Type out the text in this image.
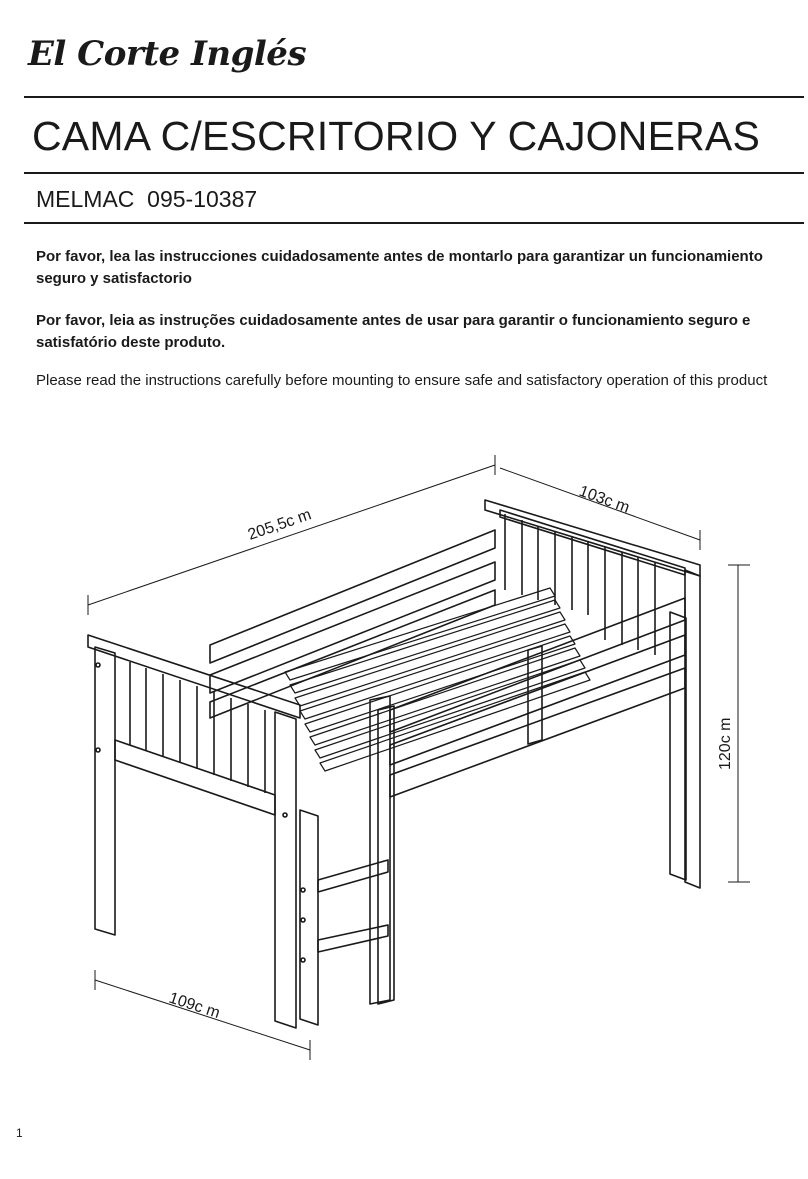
El Corte Inglés
CAMA C/ESCRITORIO Y CAJONERAS
MELMAC  095-10387

Por favor, lea las instrucciones cuidadosamente antes de montarlo para garantizar un funcionamiento seguro y satisfactorio

Por favor, leia as instruções cuidadosamente antes de usar para garantir o funcionamiento seguro e satisfatório deste produto.

Please read the instructions carefully before mounting to ensure safe and satisfactory operation of this product

205,5c m
103c m
120c m
109c m
1
